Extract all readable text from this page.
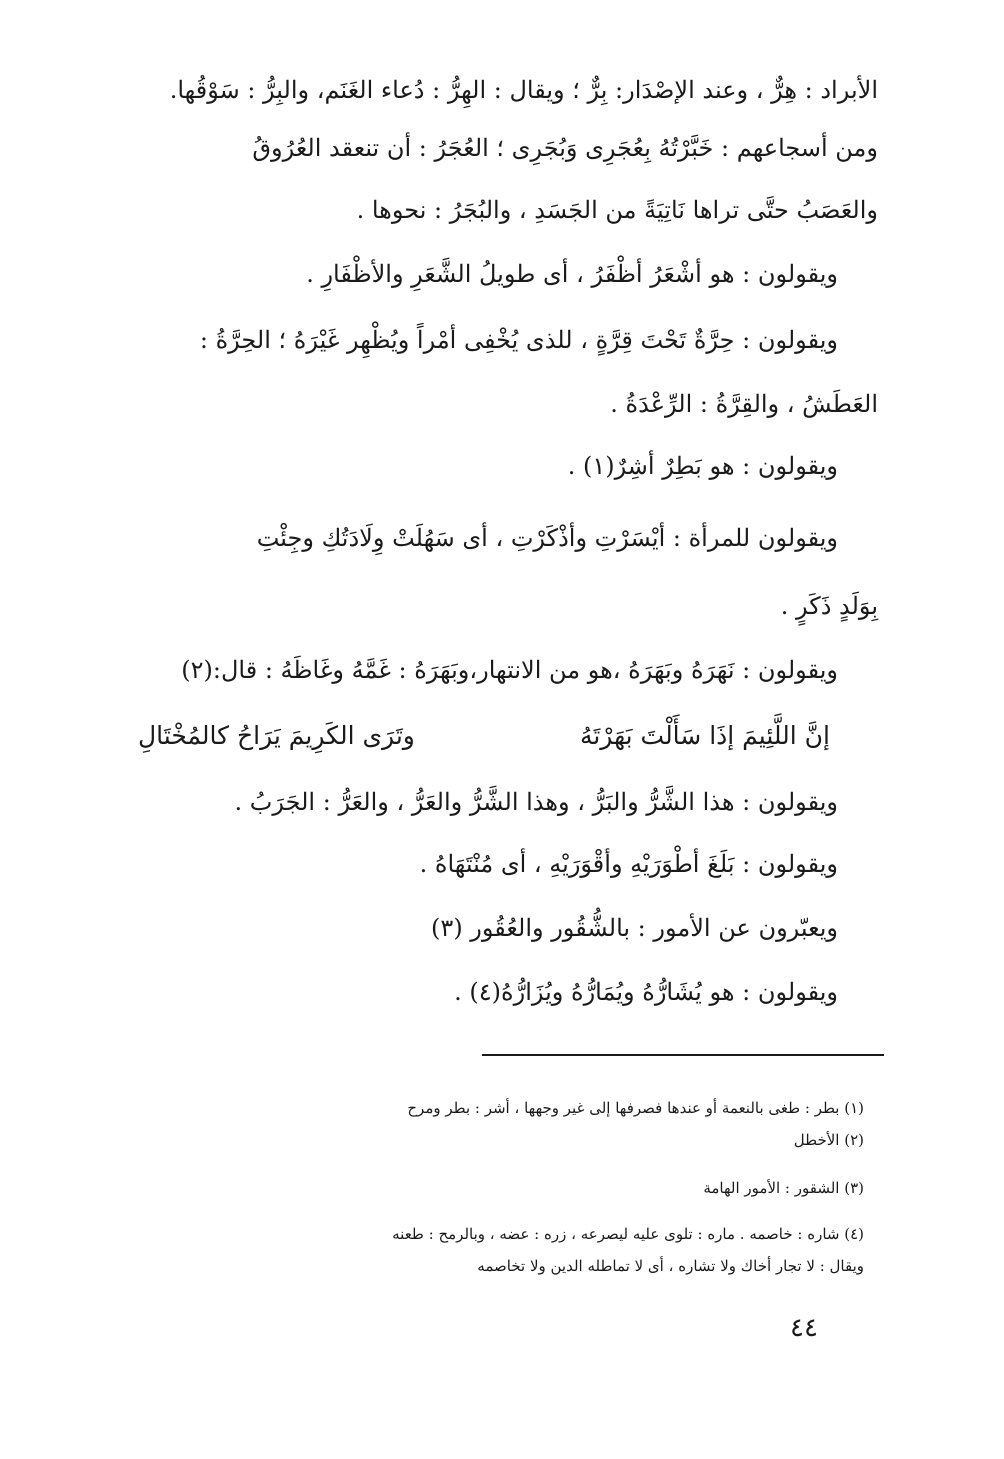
الأبراد : هِرٌّ ، وعند الإصْدَار: بِرٌّ ؛ ويقال : الهِرُّ : دُعاء الغَنَم، والبِرُّ : سَوْقُها.
ومن أسجاعهم : خَبَّرْتُهُ بِعُجَرِى وَبُجَرِى ؛ العُجَرُ : أن تنعقد العُرُوقُ
والعَصَبُ حتَّى تراها نَاتِيَةً من الجَسَدِ ، والبُجَرُ : نحوها .
ويقولون : هو أشْعَرُ أظْفَرُ ، أى طويلُ الشَّعَرِ والأظْفَارِ .
ويقولون : حِرَّةٌ تَحْتَ قِرَّةٍ ، للذى يُخْفِى أمْراً ويُظْهِر غَيْرَهُ ؛ الحِرَّةُ :
العَطَشُ ، والقِرَّةُ : الرِّعْدَةُ .
ويقولون : هو بَطِرٌ أشِرٌ(١) .
ويقولون للمرأة : أيْسَرْتِ وأذْكَرْتِ ، أى سَهُلَتْ وِلَادَتُكِ وجِئْتِ
بِوَلَدٍ ذَكَرٍ .
ويقولون : نَهَرَهُ وبَهَرَهُ ،هو من الانتهار،وبَهَرَهُ : غَمَّهُ وغَاظَهُ : قال:(٢)
إنَّ اللَّئِيمَ إذَا سَأَلْتَ بَهَرْتَهُ
وتَرَى الكَرِيمَ يَرَاحُ كالمُخْتَالِ
ويقولون : هذا الشَّرُّ والبَرُّ ، وهذا الشَّرُّ والعَرُّ ، والعَرُّ : الجَرَبُ .
ويقولون : بَلَغَ أطْوَرَيْهِ وأقْوَرَيْهِ ، أى مُنْتَهَاهُ .
ويعبّرون عن الأمور : بالشُّقُور والعُقُور (٣)
ويقولون : هو يُشَارُّهُ ويُمَارُّهُ ويُزَارُّهُ(٤) .
(١) بطر : طغى بالنعمة أو عندها فصرفها إلى غير وجهها ، أشر : بطر ومرح
(٢) الأخطل
(٣) الشقور : الأمور الهامة
(٤) شاره : خاصمه . ماره : تلوى عليه ليصرعه ، زره : عضه ، وبالرمح : طعنه
ويقال : لا تجار أخاك ولا تشاره ، أى لا تماطله الدين ولا تخاصمه
٤٤
